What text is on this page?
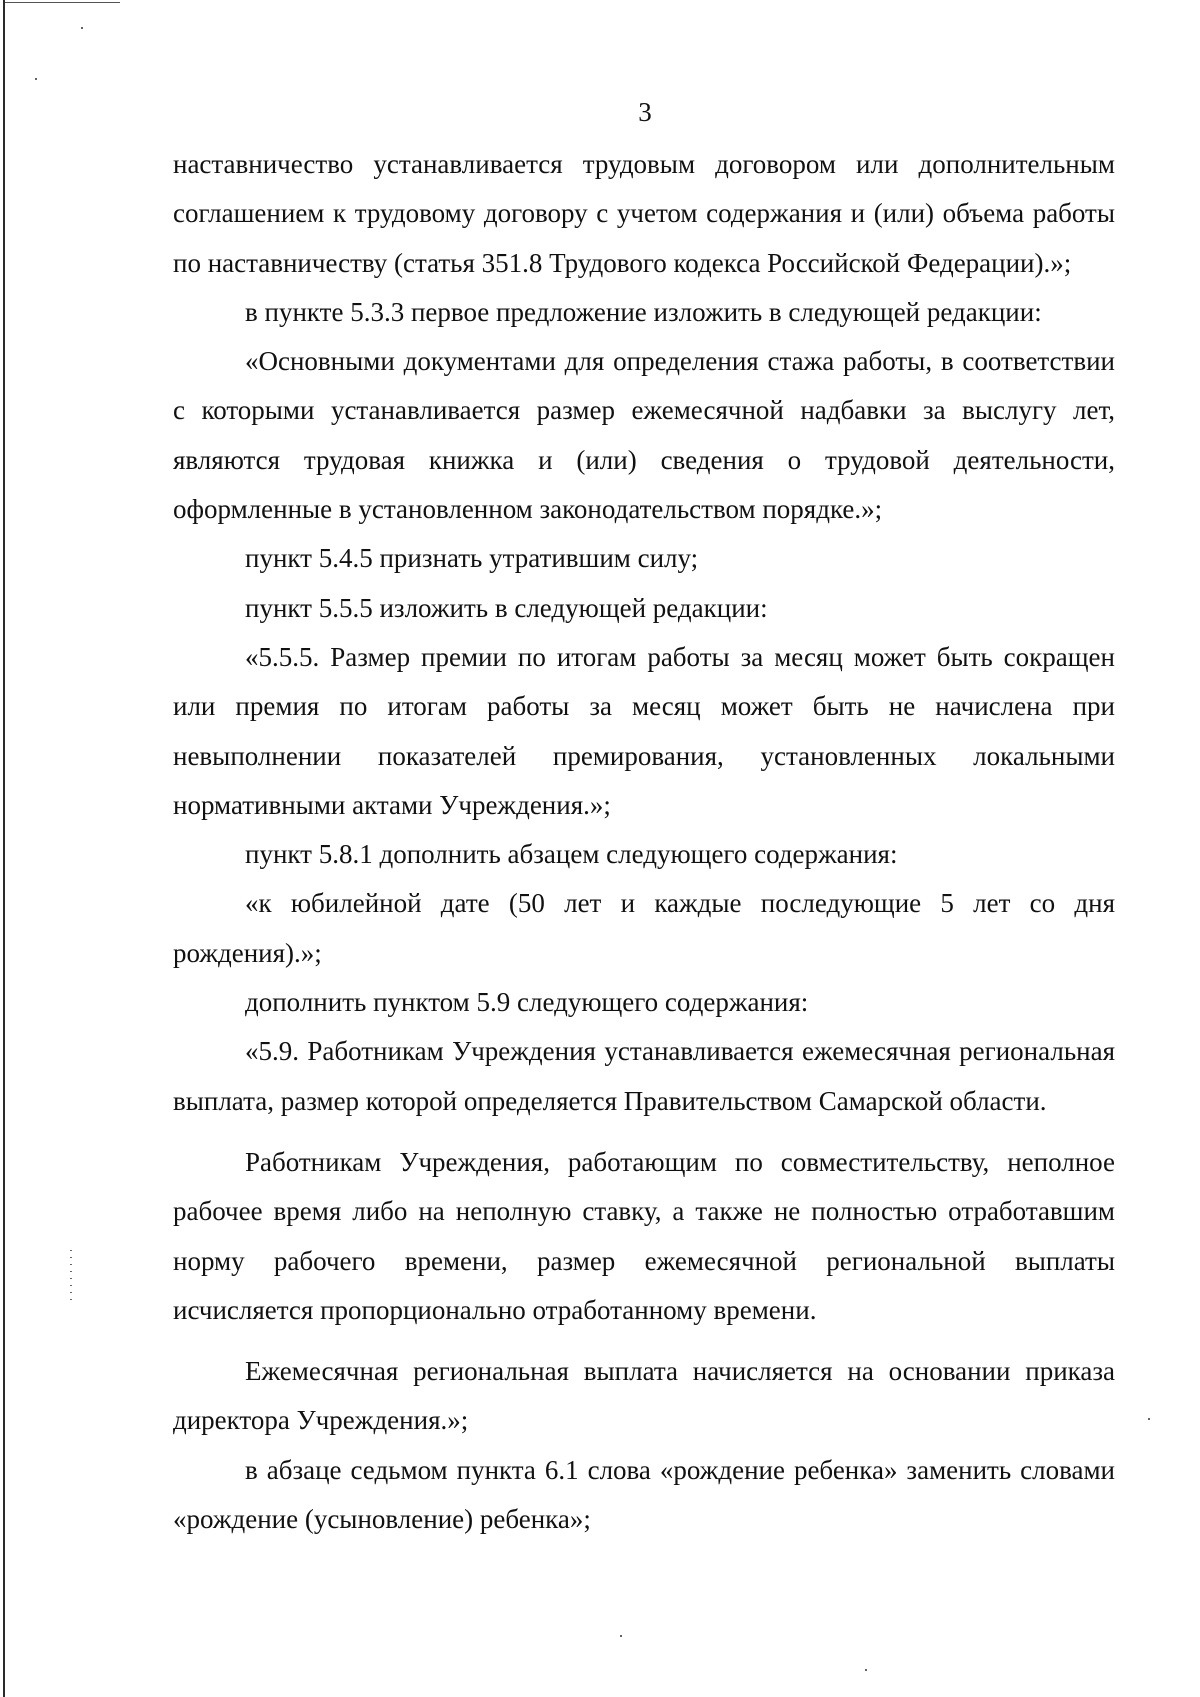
3

наставничество устанавливается трудовым договором или дополнительным соглашением к трудовому договору с учетом содержания и (или) объема работы по наставничеству (статья 351.8 Трудового кодекса Российской Федерации).»;

в пункте 5.3.3 первое предложение изложить в следующей редакции:

«Основными документами для определения стажа работы, в соответствии с которыми устанавливается размер ежемесячной надбавки за выслугу лет, являются трудовая книжка и (или) сведения о трудовой деятельности, оформленные в установленном законодательством порядке.»;

пункт 5.4.5 признать утратившим силу;

пункт 5.5.5 изложить в следующей редакции:

«5.5.5. Размер премии по итогам работы за месяц может быть сокращен или премия по итогам работы за месяц может быть не начислена при невыполнении показателей премирования, установленных локальными нормативными актами Учреждения.»;

пункт 5.8.1 дополнить абзацем следующего содержания:

«к юбилейной дате (50 лет и каждые последующие 5 лет со дня рождения).»;

дополнить пунктом 5.9 следующего содержания:

«5.9. Работникам Учреждения устанавливается ежемесячная региональная выплата, размер которой определяется Правительством Самарской области.

Работникам Учреждения, работающим по совместительству, неполное рабочее время либо на неполную ставку, а также не полностью отработавшим норму рабочего времени, размер ежемесячной региональной выплаты исчисляется пропорционально отработанному времени.

Ежемесячная региональная выплата начисляется на основании приказа директора Учреждения.»;

в абзаце седьмом пункта 6.1 слова «рождение ребенка» заменить словами «рождение (усыновление) ребенка»;
